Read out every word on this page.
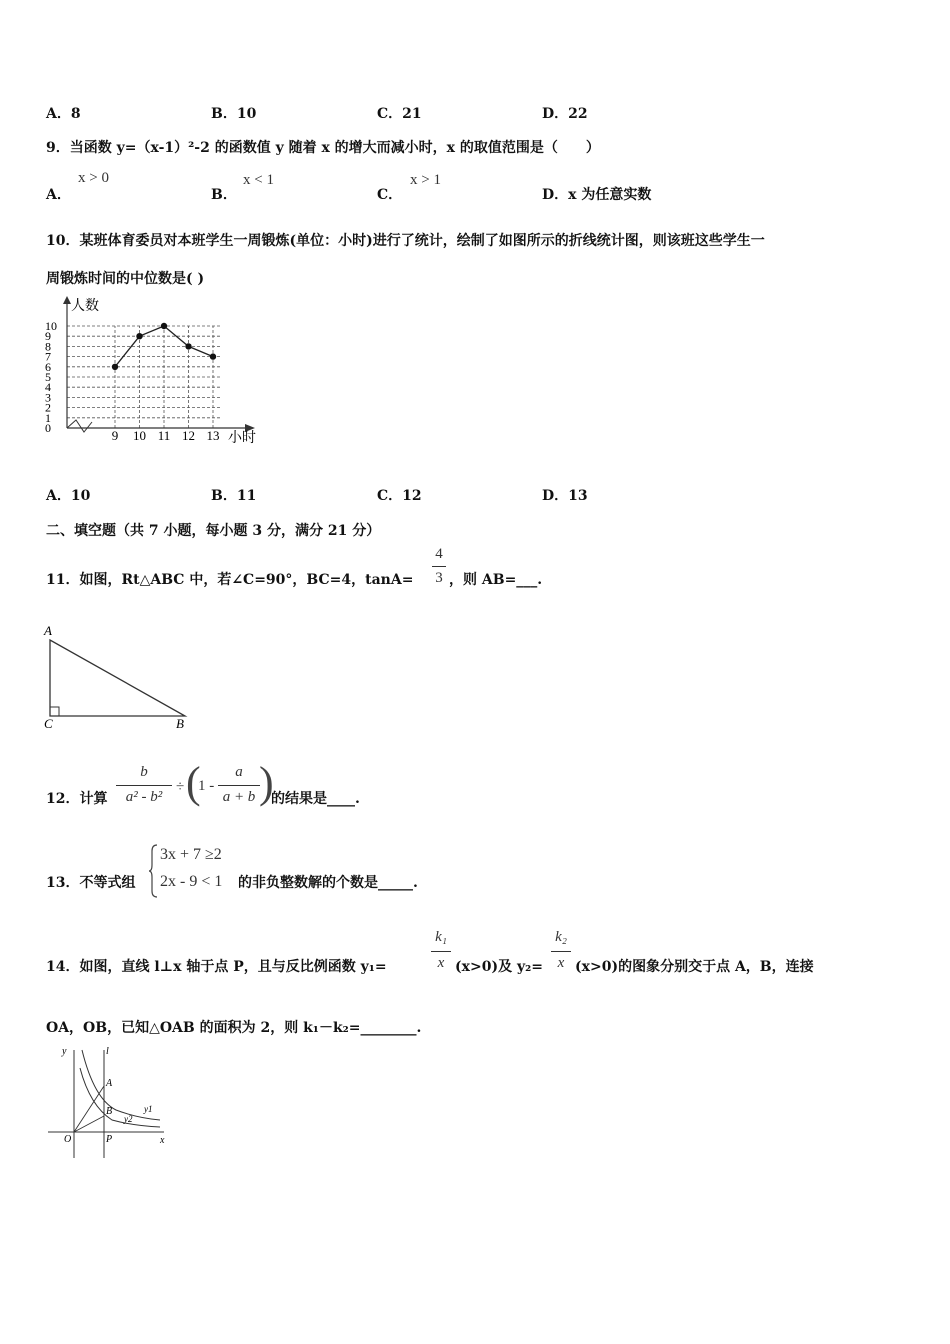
A．8	B．10	C．21	D．22
9．当函数 y=（x-1）²-2 的函数值 y 随着 x 的增大而减小时，x 的取值范围是（　　）
A．
x > 0
B．
x < 1
C．
x > 1
D．x 为任意实数
10．某班体育委员对本班学生一周锻炼(单位：小时)进行了统计，绘制了如图所示的折线统计图，则该班这些学生一
周锻炼时间的中位数是( )
人数
小时
0
1
2
3
4
5
6
7
8
9
10
9 10 11 12 13
A．10	B．11	C．12	D．13
二、填空题（共 7 小题，每小题 3 分，满分 21 分）
11．如图，Rt△ABC 中，若∠C=90°，BC=4，tanA=
4
3 ，则 AB=___.
A
C	B
12．计算
b
a² - b²
÷ (
1 -
a
a + b )
的结果是____.
13．不等式组
3x + 7 ≥2
2x - 9 < 1 的非负整数解的个数是_____.
14．如图，直线 l⊥x 轴于点 P，且与反比例函数 y₁=
k₁
x (x>0)及 y₂=
k₂
x (x>0)的图象分别交于点 A，B，连接
OA，OB，已知△OAB 的面积为 2，则 k₁－k₂=________.
y
x
l
A
B
O	P
y1
y2
